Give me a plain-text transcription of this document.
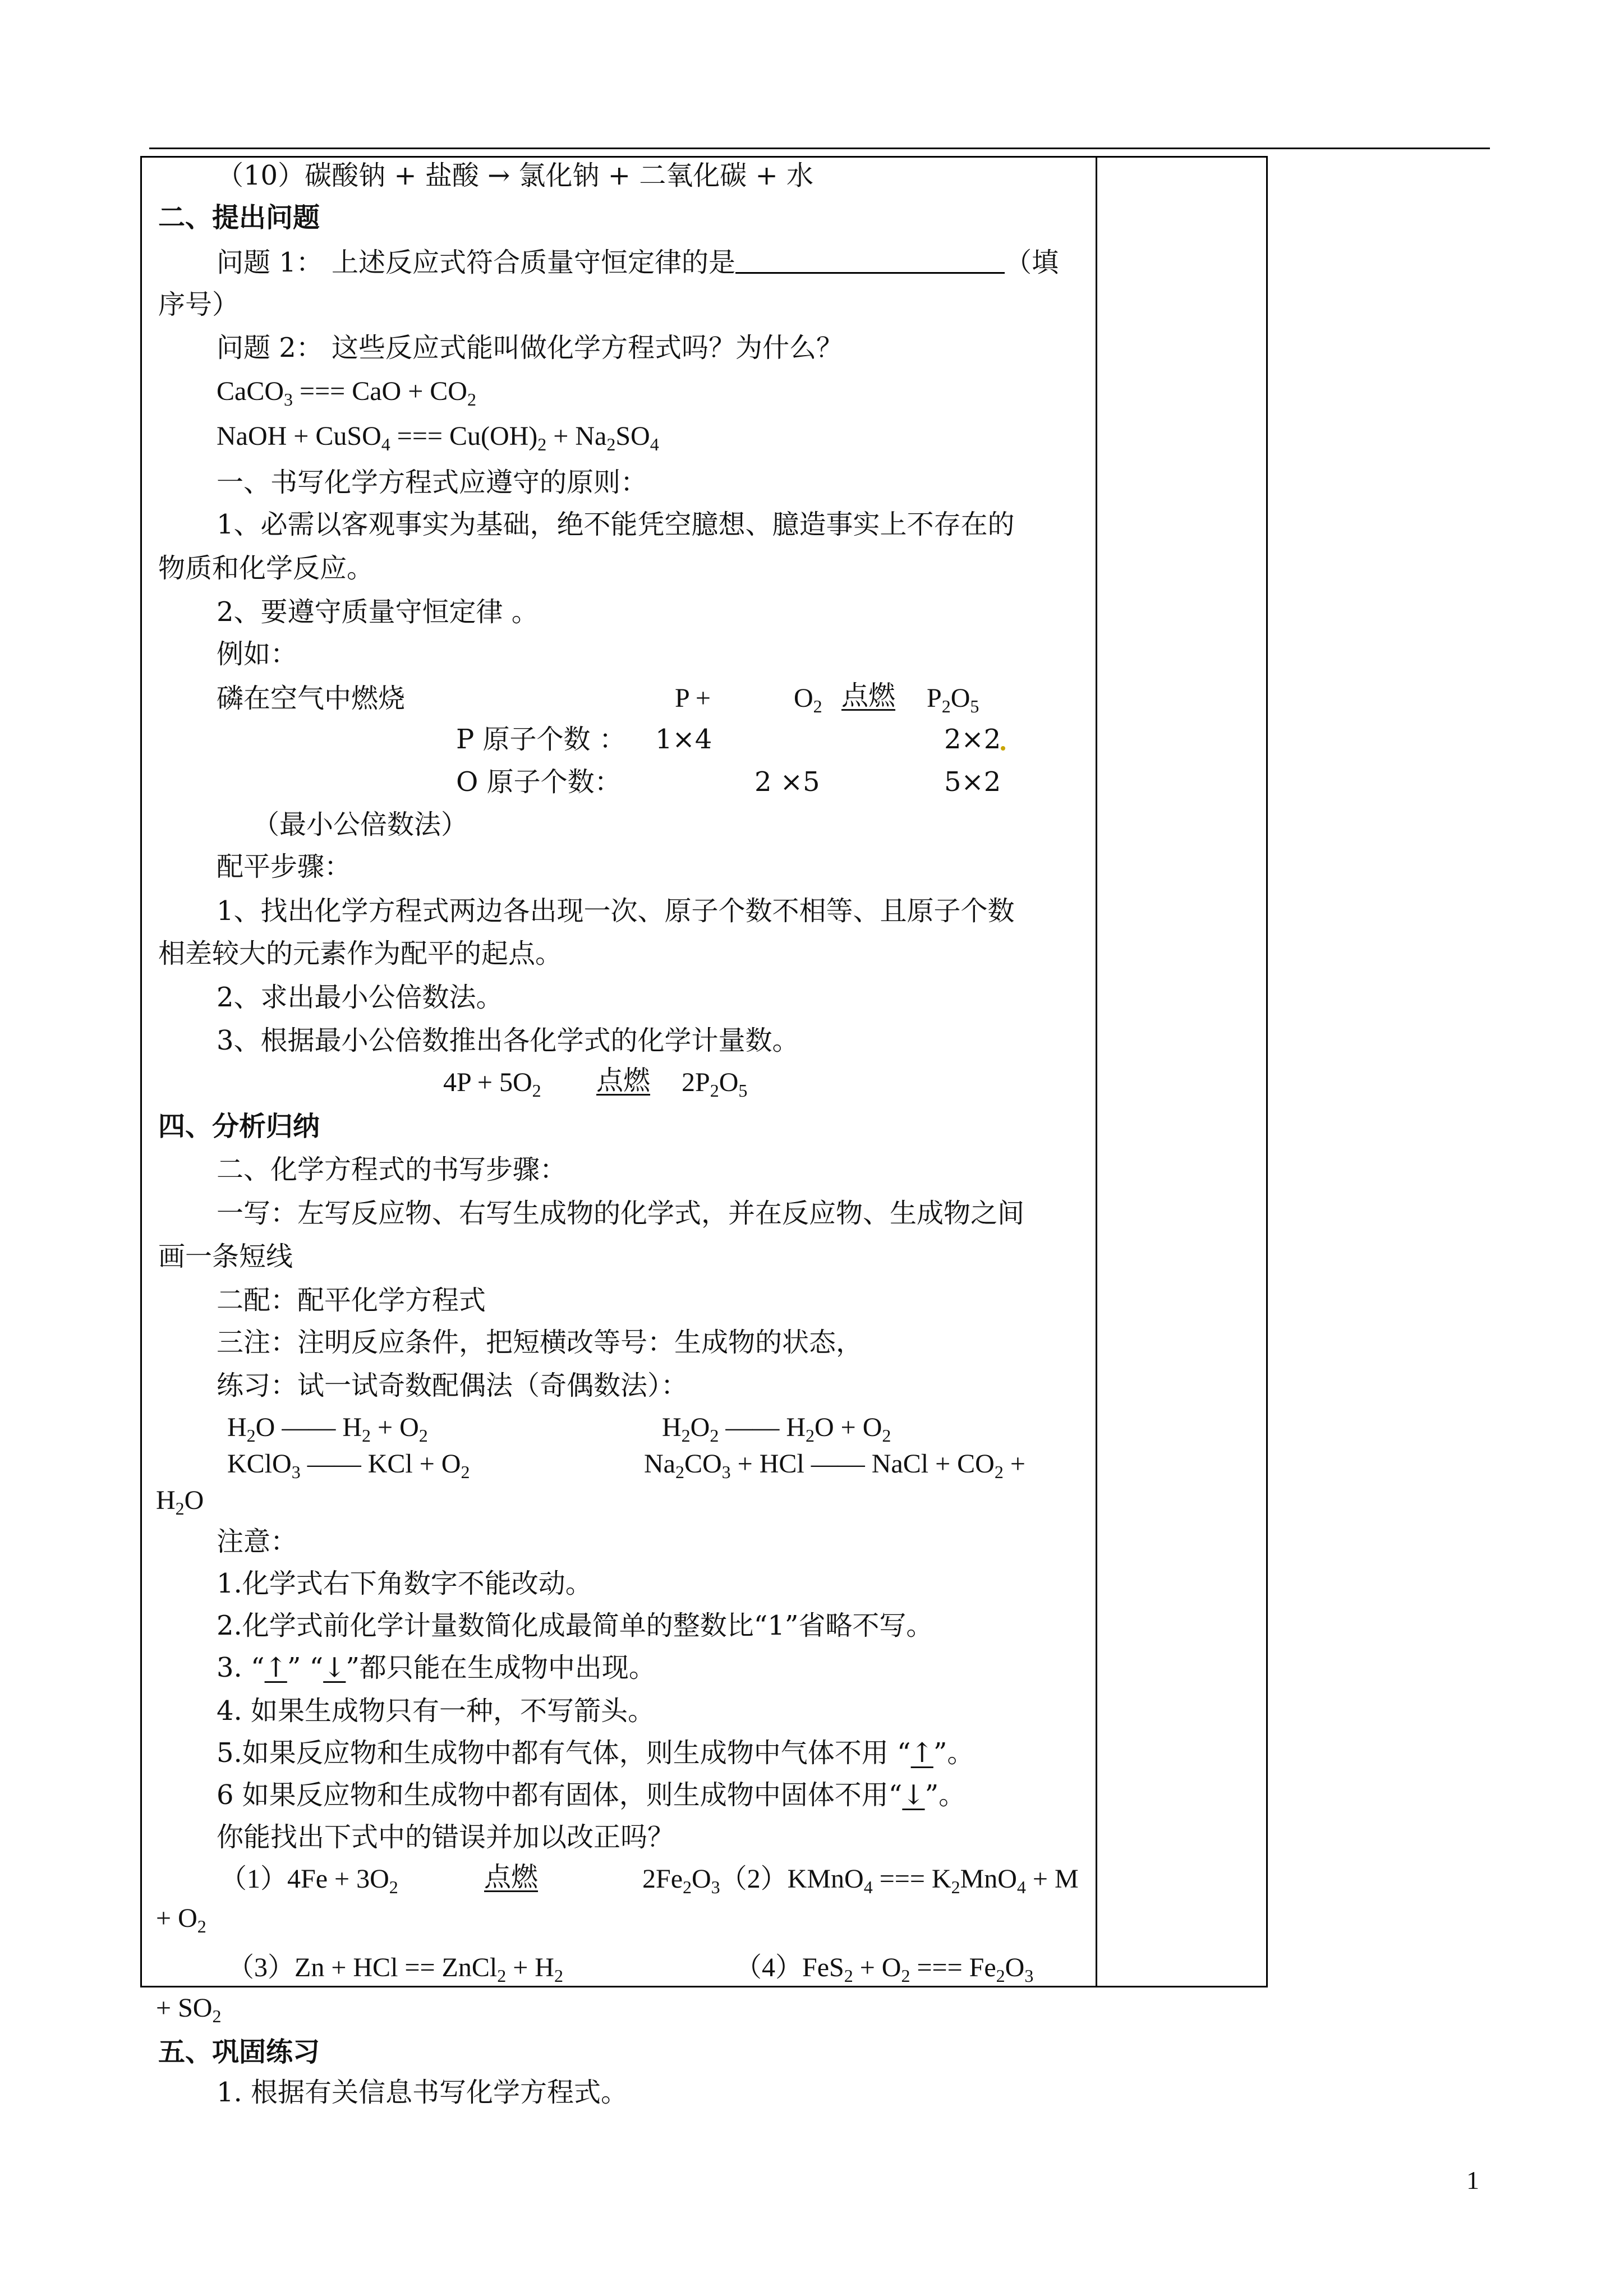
（10）碳酸钠 + 盐酸 → 氯化钠 + 二氧化碳 + 水
二、提出问题
问题 1： 上述反应式符合质量守恒定律的是	（填
序号）
问题 2： 这些反应式能叫做化学方程式吗？为什么？
CaCO$_3$ === CaO + $CO_2$
NaOH + CuSO$_4$ === $Cu(OH)_2 + Na_2SO_4$
一、书写化学方程式应遵守的原则：
1、必需以客观事实为基础，绝不能凭空臆想、臆造事实上不存在的
物质和化学反应。
2、要遵守质量守恒定律 。
例如：
磷在空气中燃烧	P +	$O_2$ 点燃 $P_2O_5$
P 原子个数 ： 1×4	2×2
O 原子个数：	2 ×5	5×2
（最小公倍数法）
配平步骤：
1、找出化学方程式两边各出现一次、原子个数不相等、且原子个数
相差较大的元素作为配平的起点。
2、求出最小公倍数法。
3、根据最小公倍数推出各化学式的化学计量数。
$4P + 5O_2$ 点燃	$2P_2O_5$
四、分析归纳
二、化学方程式的书写步骤：
一写：左写反应物、右写生成物的化学式，并在反应物、生成物之间
画一条短线
二配：配平化学方程式
三注：注明反应条件，把短横改等号：生成物的状态，
练习：试一试奇数配偶法（奇偶数法）：
$H_2O$ —— $H_2 + O_2$	$H_2O_2$ —— $H_2O + O_2$
KClO$_3$ —— KCl + $O_2$	$Na_2CO_3$ + HCl —— NaCl + $CO_2$ +
$H_2O$
注意：
1.化学式右下角数字不能改动。
2.化学式前化学计量数简化成最简单的整数比“1”省略不写。
3. “↑” “↓”都只能在生成物中出现。
4. 如果生成物只有一种，不写箭头。
5.如果反应物和生成物中都有气体，则生成物中气体不用 “↑”。
6 如果反应物和生成物中都有固体，则生成物中固体不用“↓”。
你能找出下式中的错误并加以改正吗？
$(1)4Fe + 3O_2$	点燃	$2Fe_2O_3(2)KMnO_4$ === $K_2MnO_4 + M$
+ $O_2$
（3）Zn + HCl == ZnCl$_2$ + $H_2$	$(4)FeS_2 + O_2$ === $Fe_2O_3$
+ $SO_2$
五、巩固练习
1. 根据有关信息书写化学方程式。
1
